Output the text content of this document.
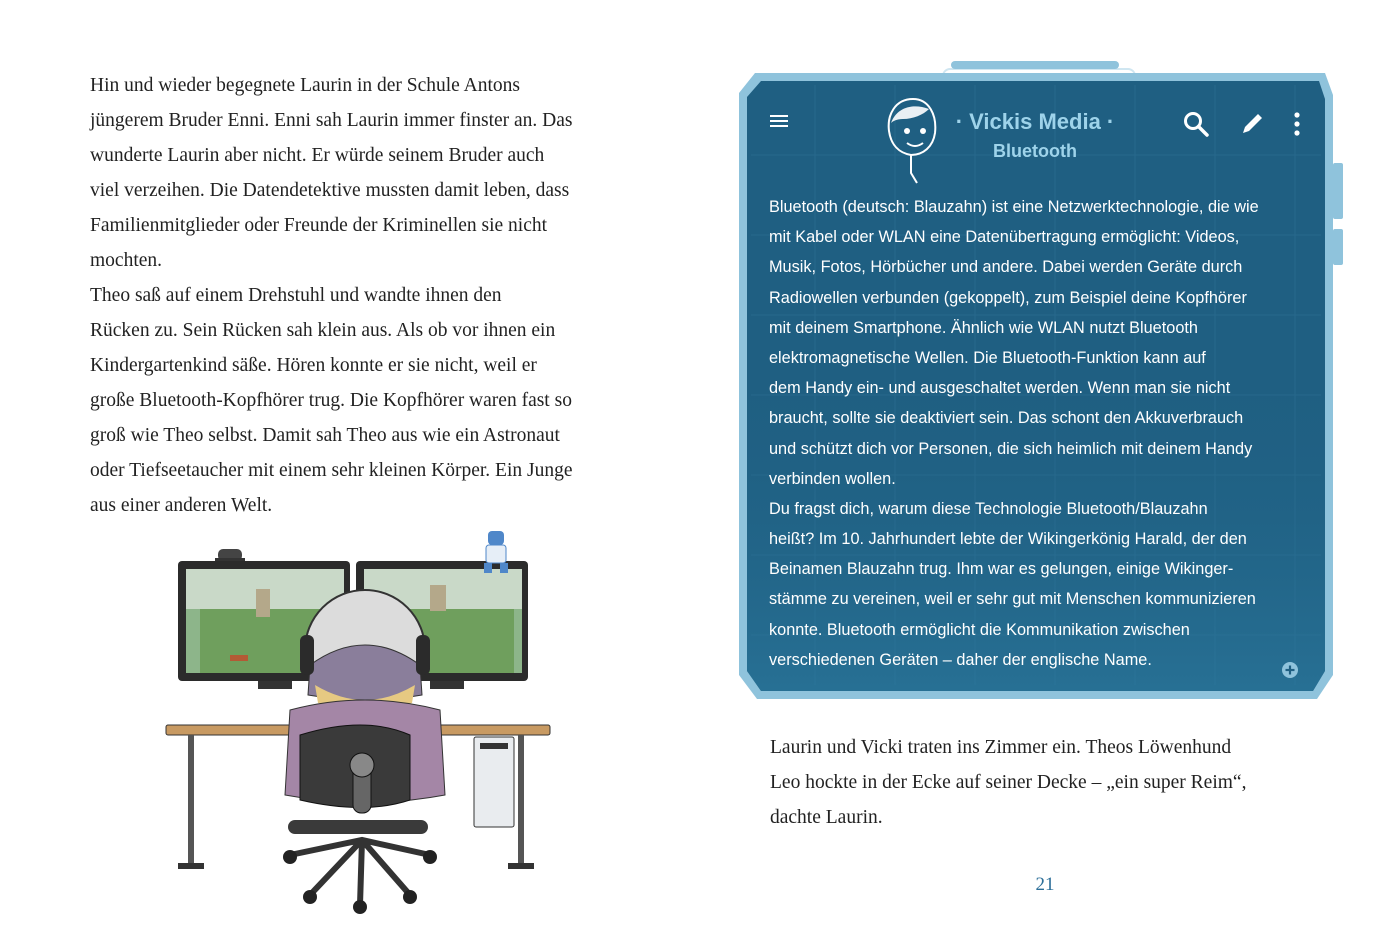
Hin und wieder begegnete Laurin in der Schule Antons
jüngerem Bruder Enni. Enni sah Laurin immer finster an. Das
wunderte Laurin aber nicht. Er würde seinem Bruder auch
viel verzeihen. Die Datendetektive mussten damit leben, dass
Familienmitglieder oder Freunde der Kriminellen sie nicht
mochten.
Theo saß auf einem Drehstuhl und wandte ihnen den
Rücken zu. Sein Rücken sah klein aus. Als ob vor ihnen ein
Kindergartenkind säße. Hören konnte er sie nicht, weil er
große Bluetooth-Kopfhörer trug. Die Kopfhörer waren fast so
groß wie Theo selbst. Damit sah Theo aus wie ein Astronaut
oder Tiefseetaucher mit einem sehr kleinen Körper. Ein Junge
aus einer anderen Welt.
· Vickis Media ·
Bluetooth
Bluetooth (deutsch: Blauzahn) ist eine Netzwerktechnologie, die wie
mit Kabel oder WLAN eine Datenübertragung ermöglicht: Videos,
Musik, Fotos, Hörbücher und andere. Dabei werden Geräte durch
Radiowellen verbunden (gekoppelt), zum Beispiel deine Kopfhörer
mit deinem Smartphone. Ähnlich wie WLAN nutzt Bluetooth
elektromagnetische Wellen. Die Bluetooth-Funktion kann auf
dem Handy ein- und ausgeschaltet werden. Wenn man sie nicht
braucht, sollte sie deaktiviert sein. Das schont den Akkuverbrauch
und schützt dich vor Personen, die sich heimlich mit deinem Handy
verbinden wollen.
Du fragst dich, warum diese Technologie Bluetooth/Blauzahn
heißt? Im 10. Jahrhundert lebte der Wikingerkönig Harald, der den
Beinamen Blauzahn trug. Ihm war es gelungen, einige Wikinger-
stämme zu vereinen, weil er sehr gut mit Menschen kommunizieren
konnte. Bluetooth ermöglicht die Kommunikation zwischen
verschiedenen Geräten – daher der englische Name.
Laurin und Vicki traten ins Zimmer ein. Theos Löwenhund
Leo hockte in der Ecke auf seiner Decke – „ein super Reim“,
dachte Laurin.
21
